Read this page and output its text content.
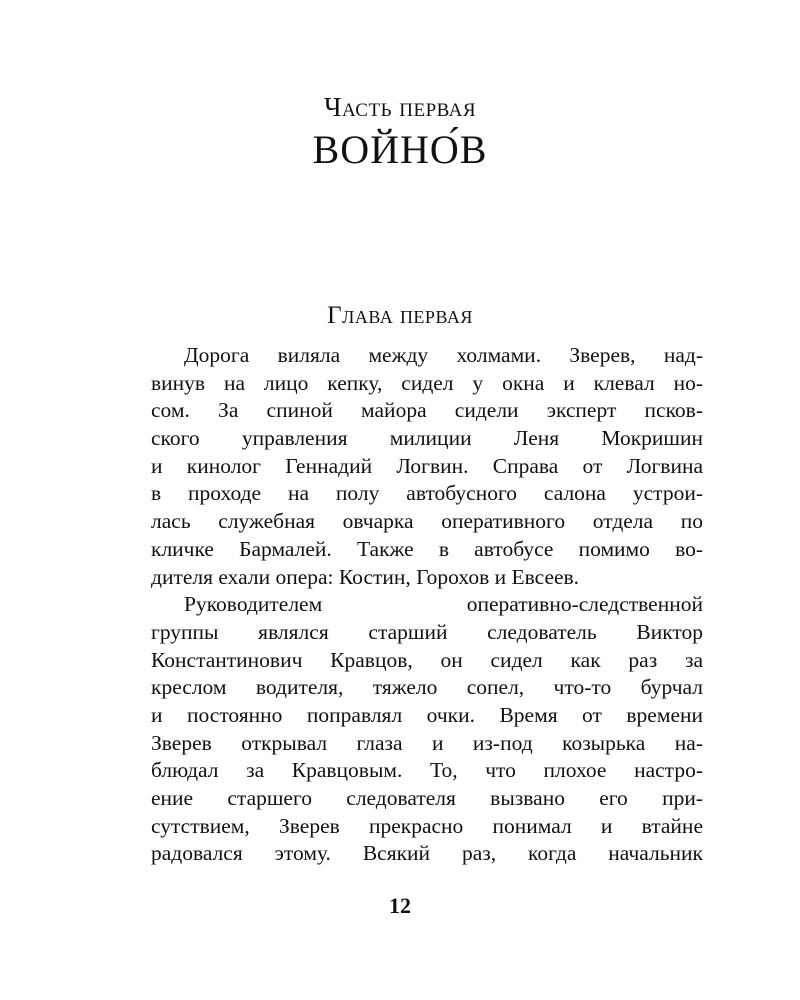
Часть первая
ВОЙНО́В
Глава первая
Дорога виляла между холмами. Зверев, над-
винув на лицо кепку, сидел у окна и клевал но-
сом. За спиной майора сидели эксперт псков-
ского управления милиции Леня Мокришин
и кинолог Геннадий Логвин. Справа от Логвина
в проходе на полу автобусного салона устрои-
лась служебная овчарка оперативного отдела по
кличке Бармалей. Также в автобусе помимо во-
дителя ехали опера: Костин, Горохов и Евсеев.
Руководителем оперативно-следственной
группы являлся старший следователь Виктор
Константинович Кравцов, он сидел как раз за
креслом водителя, тяжело сопел, что-то бурчал
и постоянно поправлял очки. Время от времени
Зверев открывал глаза и из-под козырька на-
блюдал за Кравцовым. То, что плохое настро-
ение старшего следователя вызвано его при-
сутствием, Зверев прекрасно понимал и втайне
радовался этому. Всякий раз, когда начальник
12
